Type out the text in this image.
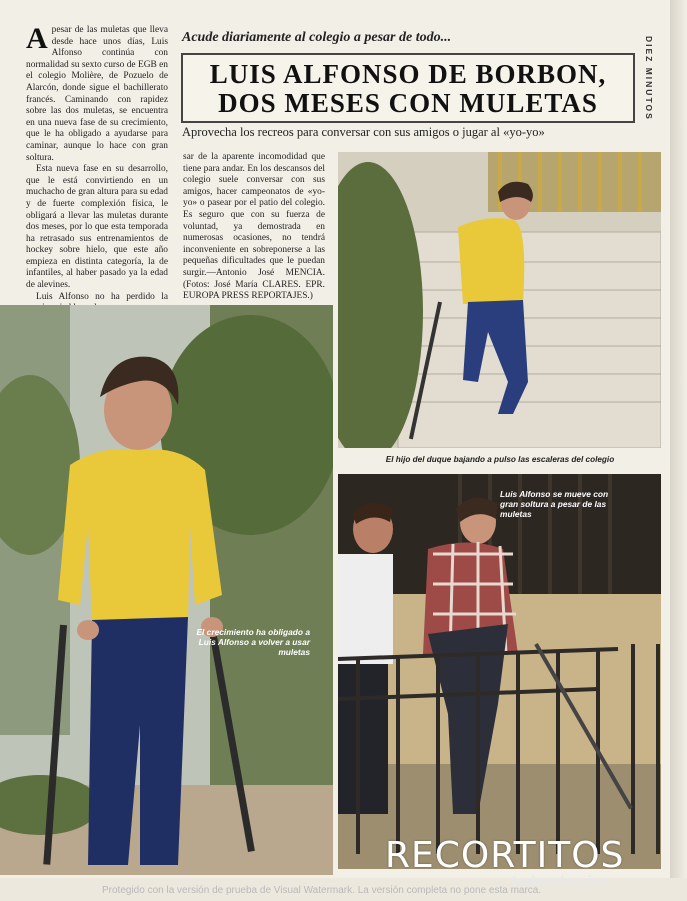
Apesar de las muletas que lleva desde hace unos días, Luis Alfonso continúa con normalidad su sexto curso de EGB en el colegio Molière, de Pozuelo de Alarcón, donde sigue el bachillerato francés. Caminando con rapidez sobre las dos muletas, se encuentra en una nueva fase de su crecimiento, que le ha obligado a ayudarse para caminar, aunque lo hace con gran soltura.

Esta nueva fase en su desarrollo, que le está convirtiendo en un muchacho de gran altura para su edad y de fuerte complexión física, le obligará a llevar las muletas durante dos meses, por lo que esta temporada ha retrasado sus entrenamientos de hockey sobre hielo, que este año empieza en distinta categoría, la de infantiles, al haber pasado ya la edad de alevines.

Luis Alfonso no ha perdido la

Acude diariamente al colegio a pesar de todo...
LUIS ALFONSO DE BORBON,
DOS MESES CON MULETAS	DIEZ MINUTOS
Aprovecha los recreos para conversar con sus amigos o jugar al «yo-yo»

sar de la aparente incomodidad que tiene para andar. En los descansos del colegio suele conversar con sus amigos, hacer campeonatos de «yo-yo» o pasear por el patio del colegio. Es seguro que con su fuerza de voluntad, ya demostrada en numerosas ocasiones, no tendrá inconveniente en sobreponerse a las pequeñas dificultades que le puedan surgir.—Antonio José MENCIA. (Fotos: José María CLARES. EPR. EUROPA PRESS REPORTAJES.)

El crecimiento ha obligado a Luis Alfonso a volver a usar muletas
El hijo del duque bajando a pulso las escaleras del colegio
Luis Alfonso se mueve con gran soltura a pesar de las muletas
RECORTITOS
todocoleccion
Protegido con la versión de prueba de Visual Watermark. La versión completa no pone esta marca.
